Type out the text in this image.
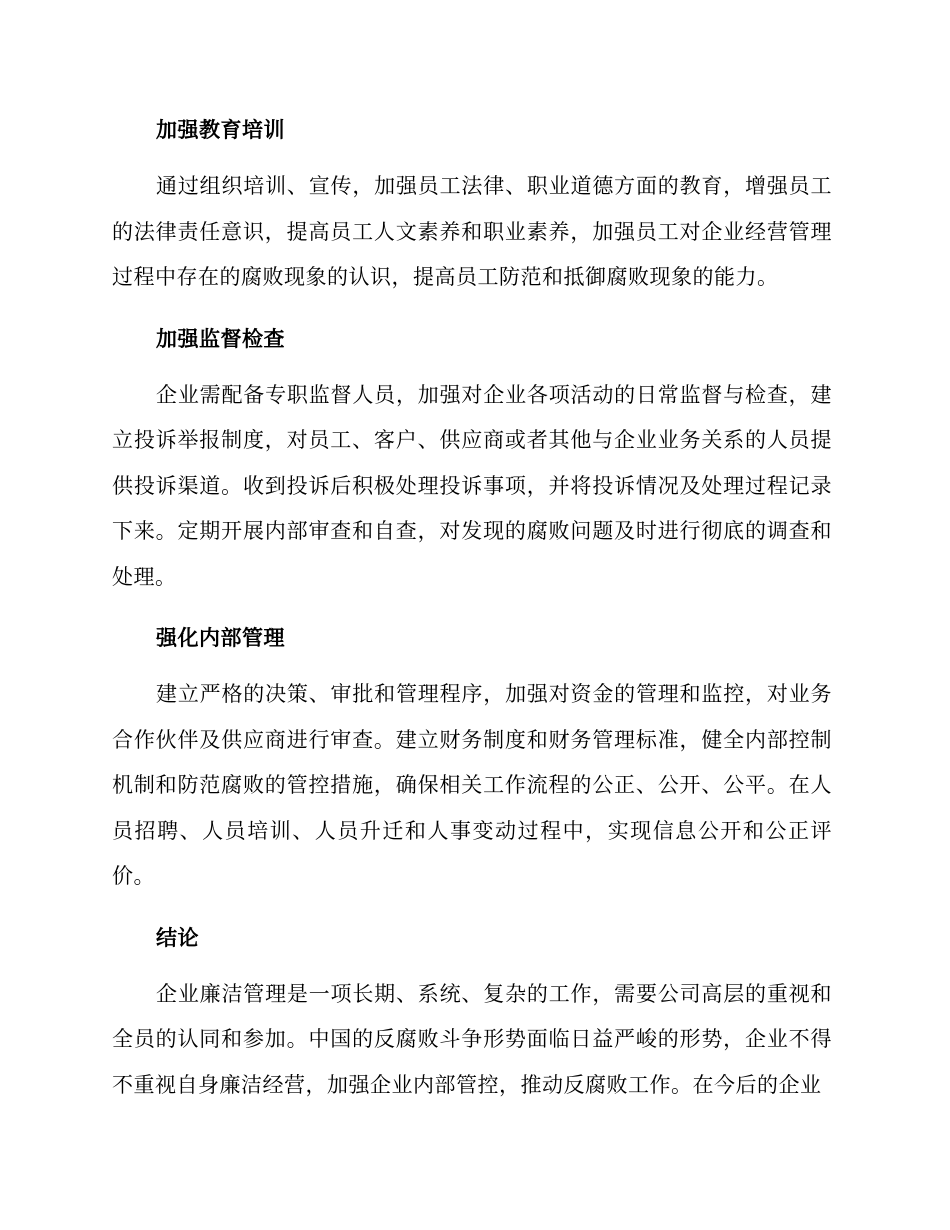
加强教育培训

通过组织培训、宣传，加强员工法律、职业道德方面的教育，增强员工的法律责任意识，提高员工人文素养和职业素养，加强员工对企业经营管理过程中存在的腐败现象的认识，提高员工防范和抵御腐败现象的能力。

加强监督检查

企业需配备专职监督人员，加强对企业各项活动的日常监督与检查，建立投诉举报制度，对员工、客户、供应商或者其他与企业业务关系的人员提供投诉渠道。收到投诉后积极处理投诉事项，并将投诉情况及处理过程记录下来。定期开展内部审查和自查，对发现的腐败问题及时进行彻底的调查和处理。

强化内部管理

建立严格的决策、审批和管理程序，加强对资金的管理和监控，对业务合作伙伴及供应商进行审查。建立财务制度和财务管理标准，健全内部控制机制和防范腐败的管控措施，确保相关工作流程的公正、公开、公平。在人员招聘、人员培训、人员升迁和人事变动过程中，实现信息公开和公正评价。

结论

企业廉洁管理是一项长期、系统、复杂的工作，需要公司高层的重视和全员的认同和参加。中国的反腐败斗争形势面临日益严峻的形势，企业不得不重视自身廉洁经营，加强企业内部管控，推动反腐败工作。在今后的企业
